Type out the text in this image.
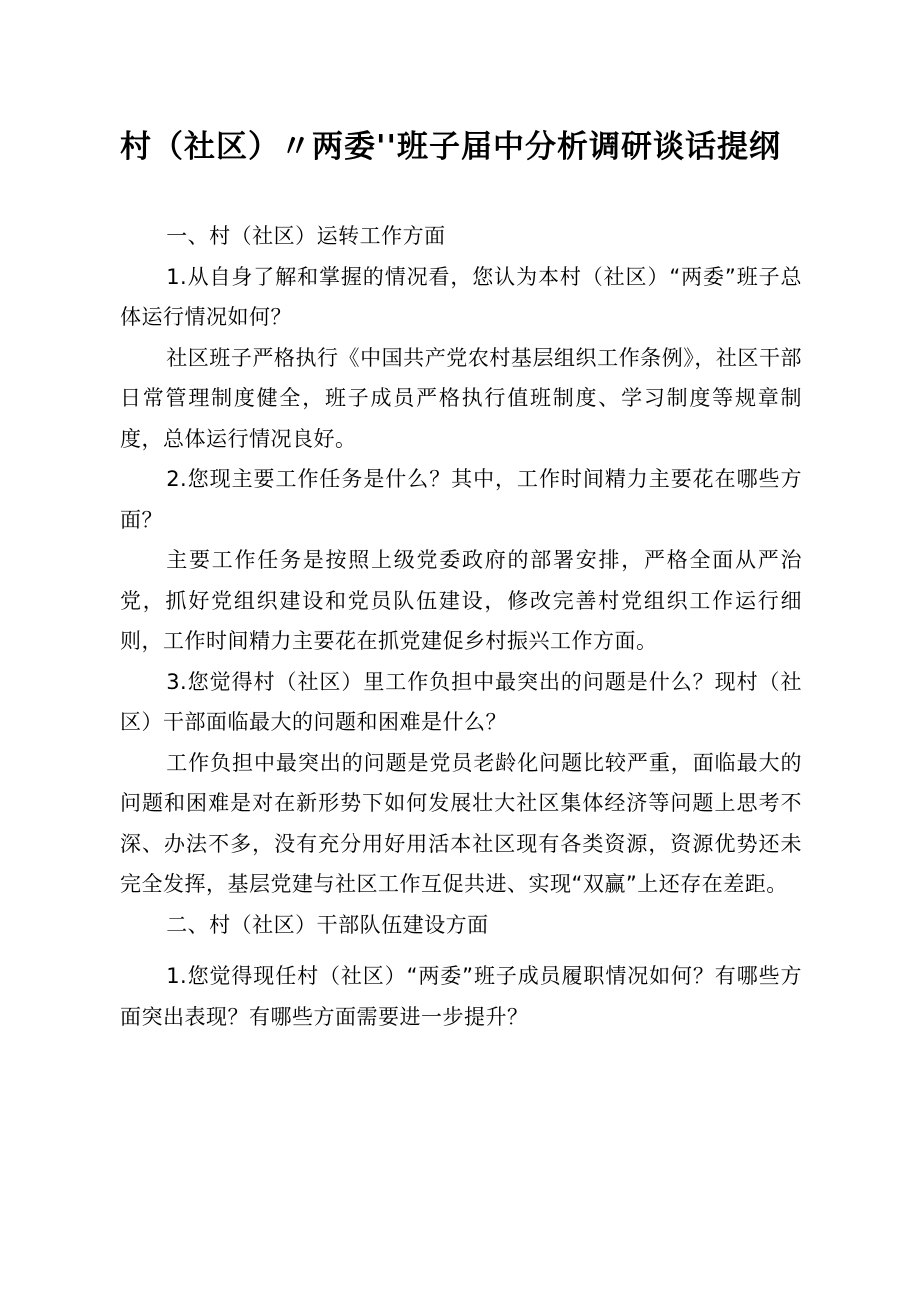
村（社区）〃两委''班子届中分析调研谈话提纲

一、村（社区）运转工作方面

1.从自身了解和掌握的情况看，您认为本村（社区）“两委”班子总体运行情况如何？

社区班子严格执行《中国共产党农村基层组织工作条例》，社区干部日常管理制度健全，班子成员严格执行值班制度、学习制度等规章制度，总体运行情况良好。

2.您现主要工作任务是什么？其中，工作时间精力主要花在哪些方面？

主要工作任务是按照上级党委政府的部署安排，严格全面从严治党，抓好党组织建设和党员队伍建设，修改完善村党组织工作运行细则，工作时间精力主要花在抓党建促乡村振兴工作方面。

3.您觉得村（社区）里工作负担中最突出的问题是什么？现村（社区）干部面临最大的问题和困难是什么？

工作负担中最突出的问题是党员老龄化问题比较严重，面临最大的问题和困难是对在新形势下如何发展壮大社区集体经济等问题上思考不深、办法不多，没有充分用好用活本社区现有各类资源，资源优势还未完全发挥，基层党建与社区工作互促共进、实现“双赢”上还存在差距。

二、村（社区）干部队伍建设方面

1.您觉得现任村（社区）“两委”班子成员履职情况如何？有哪些方面突出表现？有哪些方面需要进一步提升？
